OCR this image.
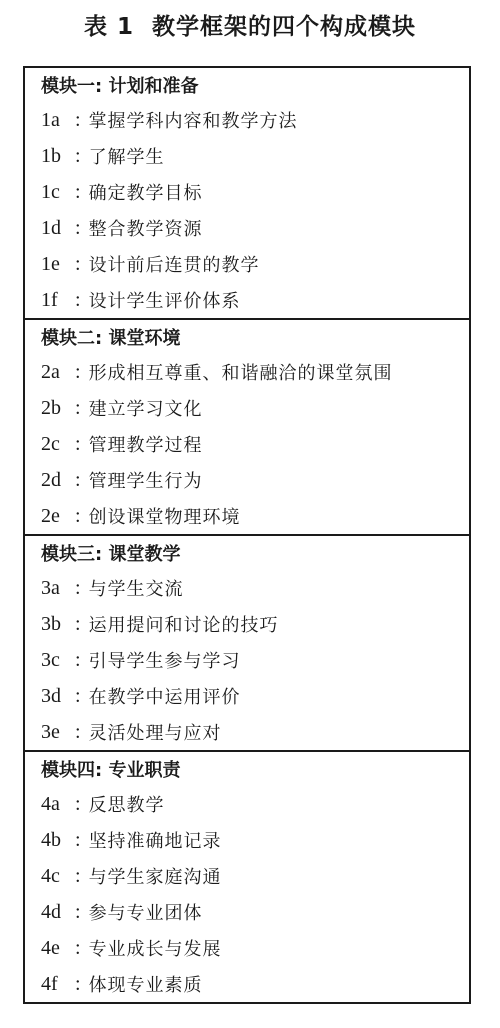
表 1 教学框架的四个构成模块
模块一: 计划和准备
1a : 掌握学科内容和教学方法
1b : 了解学生
1c : 确定教学目标
1d : 整合教学资源
1e : 设计前后连贯的教学
1f : 设计学生评价体系
模块二: 课堂环境
2a : 形成相互尊重、和谐融洽的课堂氛围
2b : 建立学习文化
2c : 管理教学过程
2d : 管理学生行为
2e : 创设课堂物理环境
模块三: 课堂教学
3a : 与学生交流
3b : 运用提问和讨论的技巧
3c : 引导学生参与学习
3d : 在教学中运用评价
3e : 灵活处理与应对
模块四: 专业职责
4a : 反思教学
4b : 坚持准确地记录
4c : 与学生家庭沟通
4d : 参与专业团体
4e : 专业成长与发展
4f : 体现专业素质
